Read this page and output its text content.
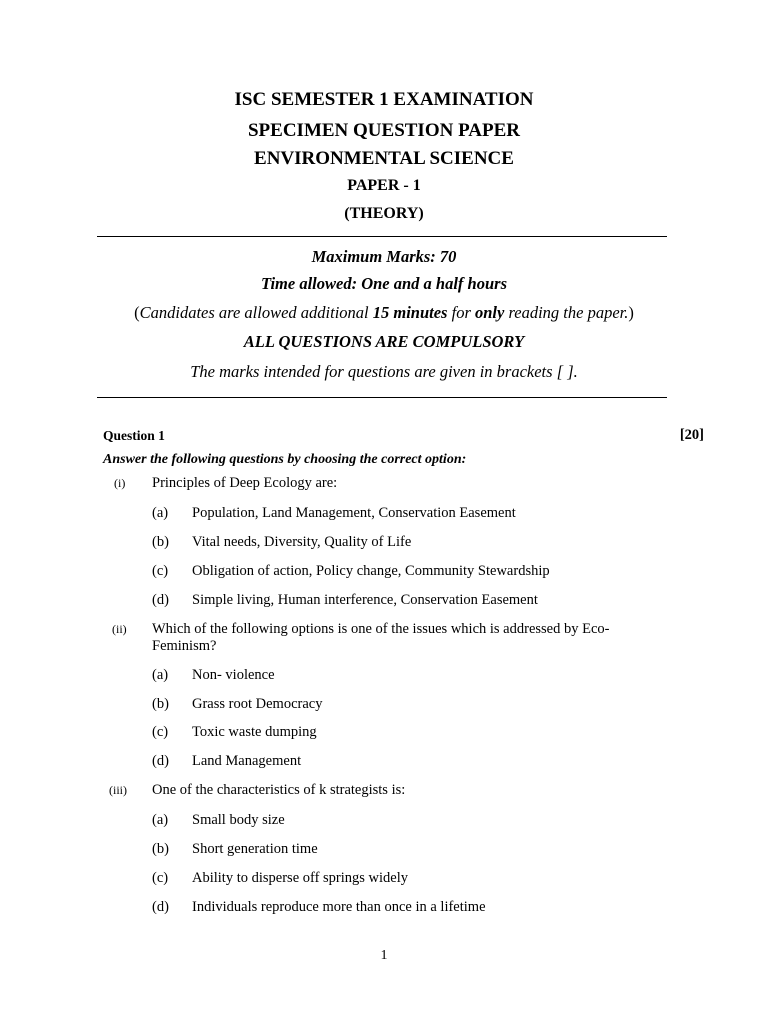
ISC SEMESTER 1 EXAMINATION
SPECIMEN QUESTION PAPER
ENVIRONMENTAL SCIENCE
PAPER - 1
(THEORY)
Maximum Marks: 70
Time allowed: One and a half hours
(Candidates are allowed additional 15 minutes for only reading the paper.)
ALL QUESTIONS ARE COMPULSORY
The marks intended for questions are given in brackets [ ].
Question 1	[20]
Answer the following questions by choosing the correct option:
(i) Principles of Deep Ecology are:
(a) Population, Land Management, Conservation Easement
(b) Vital needs, Diversity, Quality of Life
(c) Obligation of action, Policy change, Community Stewardship
(d) Simple living, Human interference, Conservation Easement
(ii) Which of the following options is one of the issues which is addressed by Eco-Feminism?
(a) Non- violence
(b) Grass root Democracy
(c) Toxic waste dumping
(d) Land Management
(iii) One of the characteristics of k strategists is:
(a) Small body size
(b) Short generation time
(c) Ability to disperse off springs widely
(d) Individuals reproduce more than once in a lifetime
1
